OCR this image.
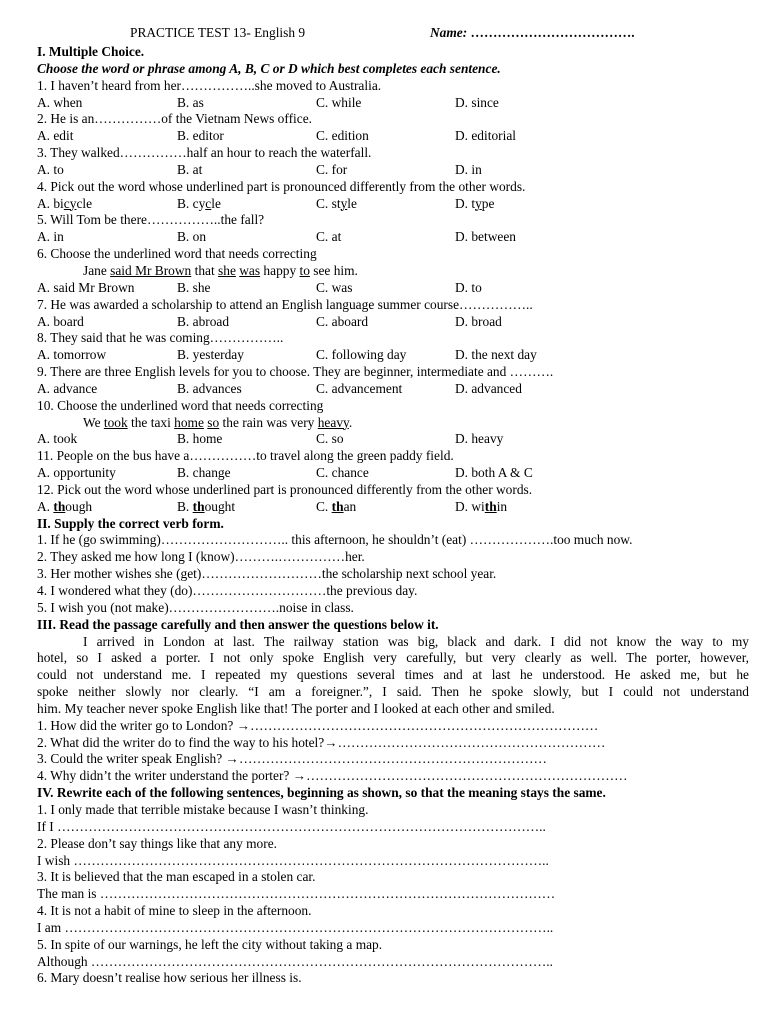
PRACTICE TEST 13- English 9	Name: ……………………………….
I. Multiple Choice.
Choose the word or phrase among A, B, C or D which best completes each sentence.
1. I haven’t heard from her……………..she moved to Australia.
A. when	B. as	C. while	D. since
2. He is an……………of the Vietnam News office.
A. edit	B. editor	C. edition	D. editorial
3. They walked……………half an hour to reach the waterfall.
A. to	B. at	C. for	D. in
4. Pick out the word whose underlined part is pronounced differently from the other words.
A. bicycle	B. cycle	C. style	D. type
5. Will Tom be there……………..the fall?
A. in	B. on	C. at	D. between
6. Choose the underlined word that needs correcting
Jane said Mr Brown that she was happy to see him.
A. said Mr Brown	B. she	C. was	D. to
7. He was awarded a scholarship to attend an English language summer course……………..
A. board	B. abroad	C. aboard	D. broad
8. They said that he was coming……………..
A. tomorrow	B. yesterday	C. following day	D. the next day
9. There are three English levels for you to choose. They are beginner, intermediate and ……….
A. advance	B. advances	C. advancement	D. advanced
10. Choose the underlined word that needs correcting
We took the taxi home so the rain was very heavy.
A. took	B. home	C. so	D. heavy
11. People on the bus have a……………to travel along the green paddy field.
A. opportunity	B. change	C. chance	D. both A & C
12. Pick out the word whose underlined part is pronounced differently from the other words.
A. though	B. thought	C. than	D. within
II. Supply the correct verb form.
1. If he (go swimming)……………………….. this afternoon, he shouldn’t (eat) ……………….too much now.
2. They asked me how long I (know)……….……………her.
3. Her mother wishes she (get)………………………the scholarship next school year.
4. I wondered what they (do)…………………………the previous day.
5. I wish you (not make)…………………….noise in class.
III. Read the passage carefully and then answer the questions below it.
I arrived in London at last. The railway station was big, black and dark. I did not know the way to my
hotel, so I asked a porter. I not only spoke English very carefully, but very clearly as well. The porter, however,
could not understand me. I repeated my questions several times and at last he understood. He asked me, but he
spoke neither slowly nor clearly. “I am a foreigner.”, I said. Then he spoke slowly, but I could not understand
him. My teacher never spoke English like that! The porter and I looked at each other and smiled.
1. How did the writer go to London? →……………………………………………………………………
2. What did the writer do to find the way to his hotel?→……………………………………………………
3. Could the writer speak English? →……………………………………………………………
4. Why didn’t the writer understand the porter? →………………………………………………………………
IV. Rewrite each of the following sentences, beginning as shown, so that the meaning stays the same.
1. I only made that terrible mistake because I wasn’t thinking.
If I ………………………………………………………………………………………………..
2. Please don’t say things like that any more.
I wish ……………………………………………………………………………………………..
3. It is believed that the man escaped in a stolen car.
The man is …………………………………………………………………………………………
4. It is not a habit of mine to sleep in the afternoon.
I am ………………………………………………………………………………………………..
5. In spite of our warnings, he left the city without taking a map.
Although …………………………………………………………………………………………..
6. Mary doesn’t realise how serious her illness is.
